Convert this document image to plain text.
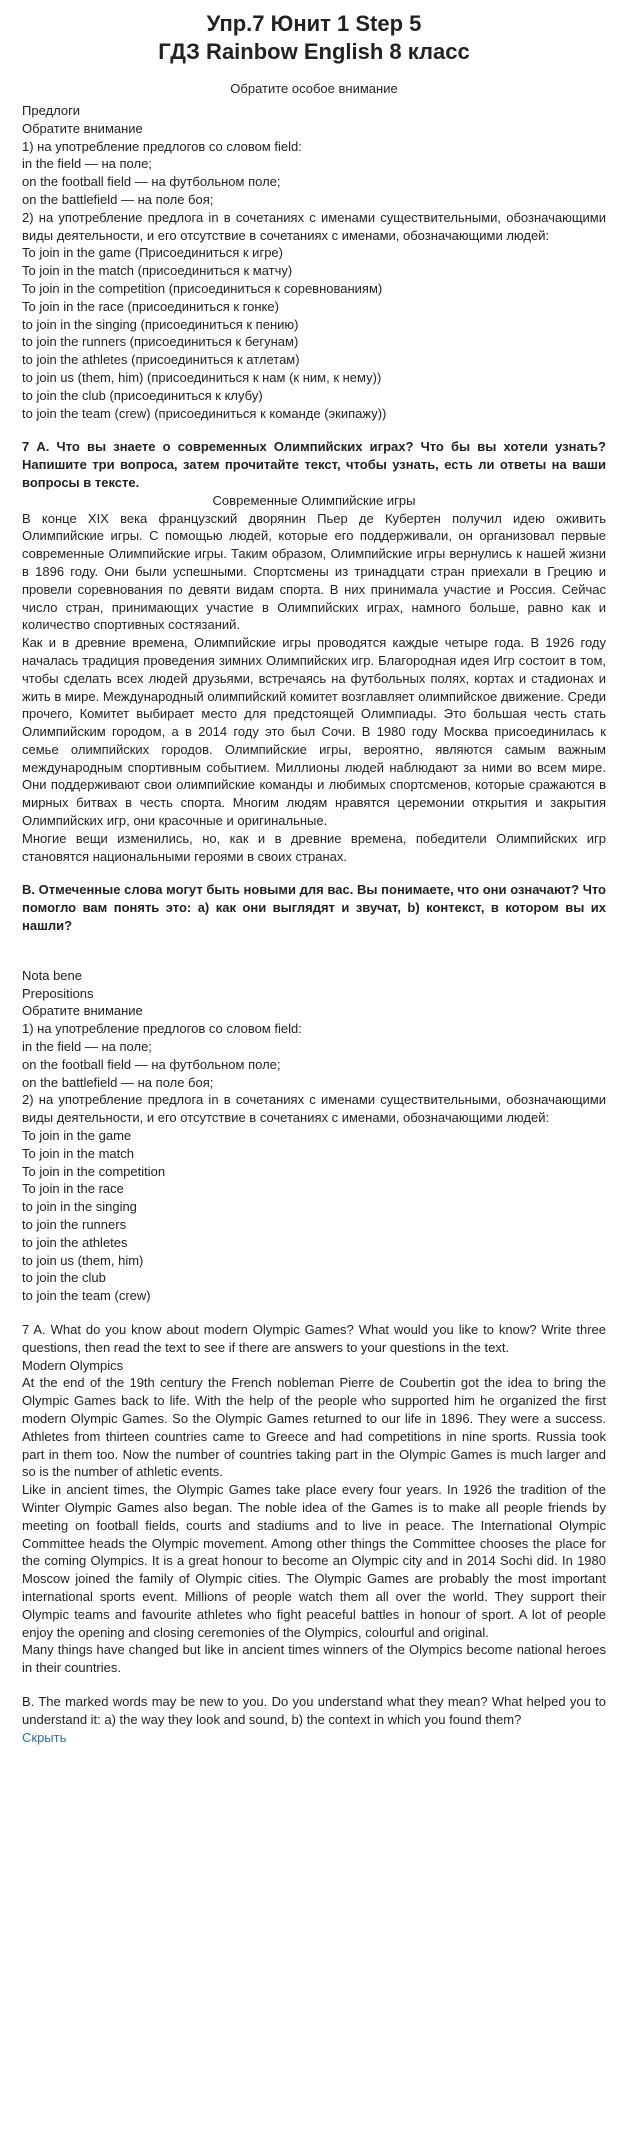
Упр.7 Юнит 1 Step 5
ГДЗ Rainbow English 8 класс
Обратите особое внимание
Предлоги
Обратите внимание
1) на употребление предлогов со словом field:
in the field — на поле;
on the football field — на футбольном поле;
on the battlefield — на поле боя;
2) на употребление предлога in в сочетаниях с именами существительными, обозначающими виды деятельности, и его отсутствие в сочетаниях с именами, обозначающими людей:
To join in the game (Присоединиться к игре)
To join in the match (присоединиться к матчу)
To join in the competition (присоединиться к соревнованиям)
To join in the race (присоединиться к гонке)
to join in the singing (присоединиться к пению)
to join the runners (присоединиться к бегунам)
to join the athletes (присоединиться к атлетам)
to join us (them, him) (присоединиться к нам (к ним, к нему))
to join the club (присоединиться к клубу)
to join the team (crew) (присоединиться к команде (экипажу))
7 А. Что вы знаете о современных Олимпийских играх? Что бы вы хотели узнать? Напишите три вопроса, затем прочитайте текст, чтобы узнать, есть ли ответы на ваши вопросы в тексте.
Современные Олимпийские игры
В конце XIX века французский дворянин Пьер де Кубертен получил идею оживить Олимпийские игры. С помощью людей, которые его поддерживали, он организовал первые современные Олимпийские игры. Таким образом, Олимпийские игры вернулись к нашей жизни в 1896 году. Они были успешными. Спортсмены из тринадцати стран приехали в Грецию и провели соревнования по девяти видам спорта. В них принимала участие и Россия. Сейчас число стран, принимающих участие в Олимпийских играх, намного больше, равно как и количество спортивных состязаний.
Как и в древние времена, Олимпийские игры проводятся каждые четыре года. В 1926 году началась традиция проведения зимних Олимпийских игр. Благородная идея Игр состоит в том, чтобы сделать всех людей друзьями, встречаясь на футбольных полях, кортах и стадионах и жить в мире. Международный олимпийский комитет возглавляет олимпийское движение. Среди прочего, Комитет выбирает место для предстоящей Олимпиады. Это большая честь стать Олимпийским городом, а в 2014 году это был Сочи. В 1980 году Москва присоединилась к семье олимпийских городов. Олимпийские игры, вероятно, являются самым важным международным спортивным событием. Миллионы людей наблюдают за ними во всем мире. Они поддерживают свои олимпийские команды и любимых спортсменов, которые сражаются в мирных битвах в честь спорта. Многим людям нравятся церемонии открытия и закрытия Олимпийских игр, они красочные и оригинальные.
Многие вещи изменились, но, как и в древние времена, победители Олимпийских игр становятся национальными героями в своих странах.
В. Отмеченные слова могут быть новыми для вас. Вы понимаете, что они означают? Что помогло вам понять это: а) как они выглядят и звучат, b) контекст, в котором вы их нашли?
Nota bene
Prepositions
Обратите внимание
1) на употребление предлогов со словом field:
in the field — на поле;
on the football field — на футбольном поле;
on the battlefield — на поле боя;
2) на употребление предлога in в сочетаниях с именами существительными, обозначающими виды деятельности, и его отсутствие в сочетаниях с именами, обозначающими людей:
To join in the game
To join in the match
To join in the competition
To join in the race
to join in the singing
to join the runners
to join the athletes
to join us (them, him)
to join the club
to join the team (crew)
7 A. What do you know about modern Olympic Games? What would you like to know? Write three questions, then read the text to see if there are answers to your questions in the text.
Modern Olympics
At the end of the 19th century the French nobleman Pierre de Coubertin got the idea to bring the Olympic Games back to life. With the help of the people who supported him he organized the first modern Olympic Games. So the Olympic Games returned to our life in 1896. They were a success. Athletes from thirteen countries came to Greece and had competitions in nine sports. Russia took part in them too. Now the number of countries taking part in the Olympic Games is much larger and so is the number of athletic events.
Like in ancient times, the Olympic Games take place every four years. In 1926 the tradition of the Winter Olympic Games also began. The noble idea of the Games is to make all people friends by meeting on football fields, courts and stadiums and to live in peace. The International Olympic Committee heads the Olympic movement. Among other things the Committee chooses the place for the coming Olympics. It is a great honour to become an Olympic city and in 2014 Sochi did. In 1980 Moscow joined the family of Olympic cities. The Olympic Games are probably the most important international sports event. Millions of people watch them all over the world. They support their Olympic teams and favourite athletes who fight peaceful battles in honour of sport. A lot of people enjoy the opening and closing ceremonies of the Olympics, colourful and original.
Many things have changed but like in ancient times winners of the Olympics become national heroes in their countries.
B. The marked words may be new to you. Do you understand what they mean? What helped you to understand it: a) the way they look and sound, b) the context in which you found them?
Скрыть
